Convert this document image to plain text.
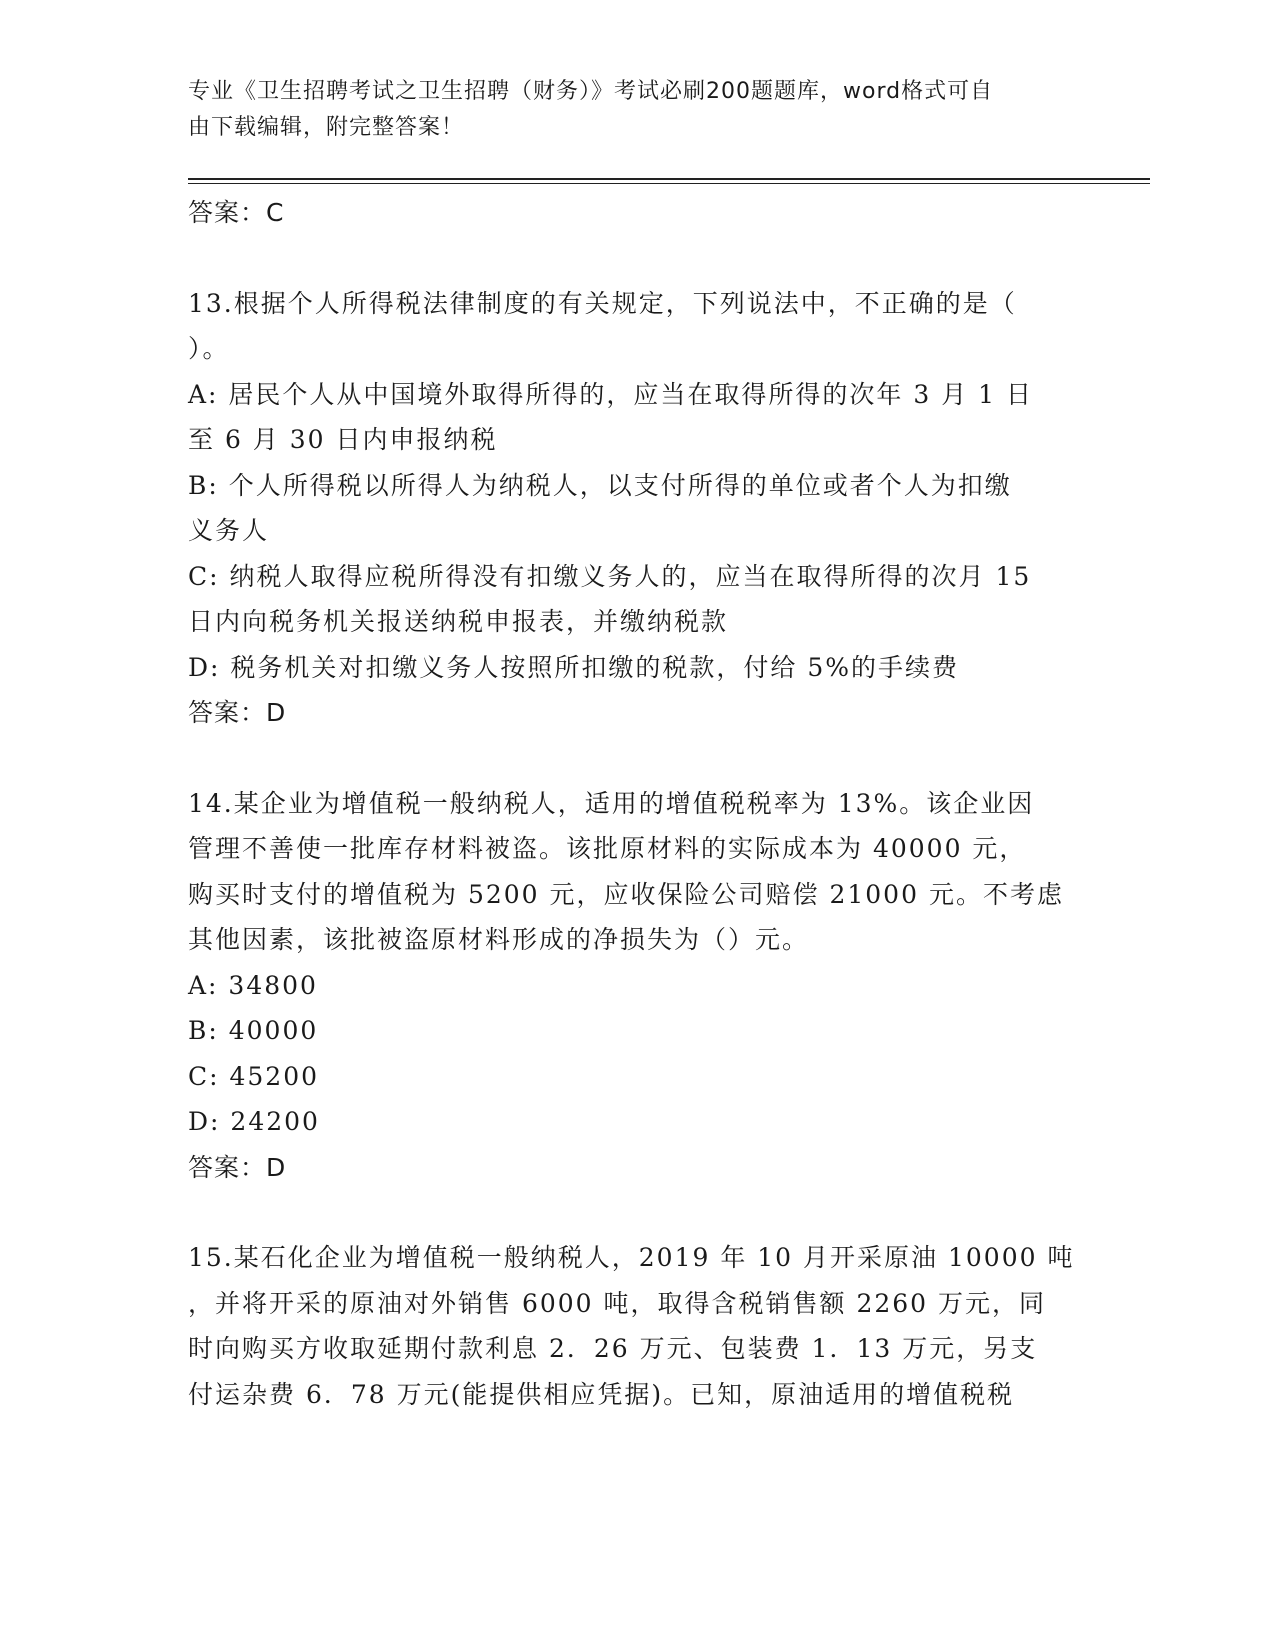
专业《卫生招聘考试之卫生招聘（财务）》考试必刷200题题库，word格式可自
由下载编辑，附完整答案！

答案：C

13.根据个人所得税法律制度的有关规定，下列说法中，不正确的是（

）。

A: 居民个人从中国境外取得所得的，应当在取得所得的次年 3 月 1 日

至 6 月 30 日内申报纳税

B: 个人所得税以所得人为纳税人，以支付所得的单位或者个人为扣缴

义务人

C: 纳税人取得应税所得没有扣缴义务人的，应当在取得所得的次月 15

日内向税务机关报送纳税申报表，并缴纳税款

D: 税务机关对扣缴义务人按照所扣缴的税款，付给 5%的手续费

答案：D

14.某企业为增值税一般纳税人，适用的增值税税率为 13%。该企业因

管理不善使一批库存材料被盗。该批原材料的实际成本为 40000 元，

购买时支付的增值税为 5200 元，应收保险公司赔偿 21000 元。不考虑

其他因素，该批被盗原材料形成的净损失为（）元。

A: 34800

B: 40000

C: 45200

D: 24200

答案：D

15.某石化企业为增值税一般纳税人，2019 年 10 月开采原油 10000 吨

，并将开采的原油对外销售 6000 吨，取得含税销售额 2260 万元，同

时向购买方收取延期付款利息 2．26 万元、包装费 1．13 万元，另支

付运杂费 6．78 万元(能提供相应凭据)。已知，原油适用的增值税税
